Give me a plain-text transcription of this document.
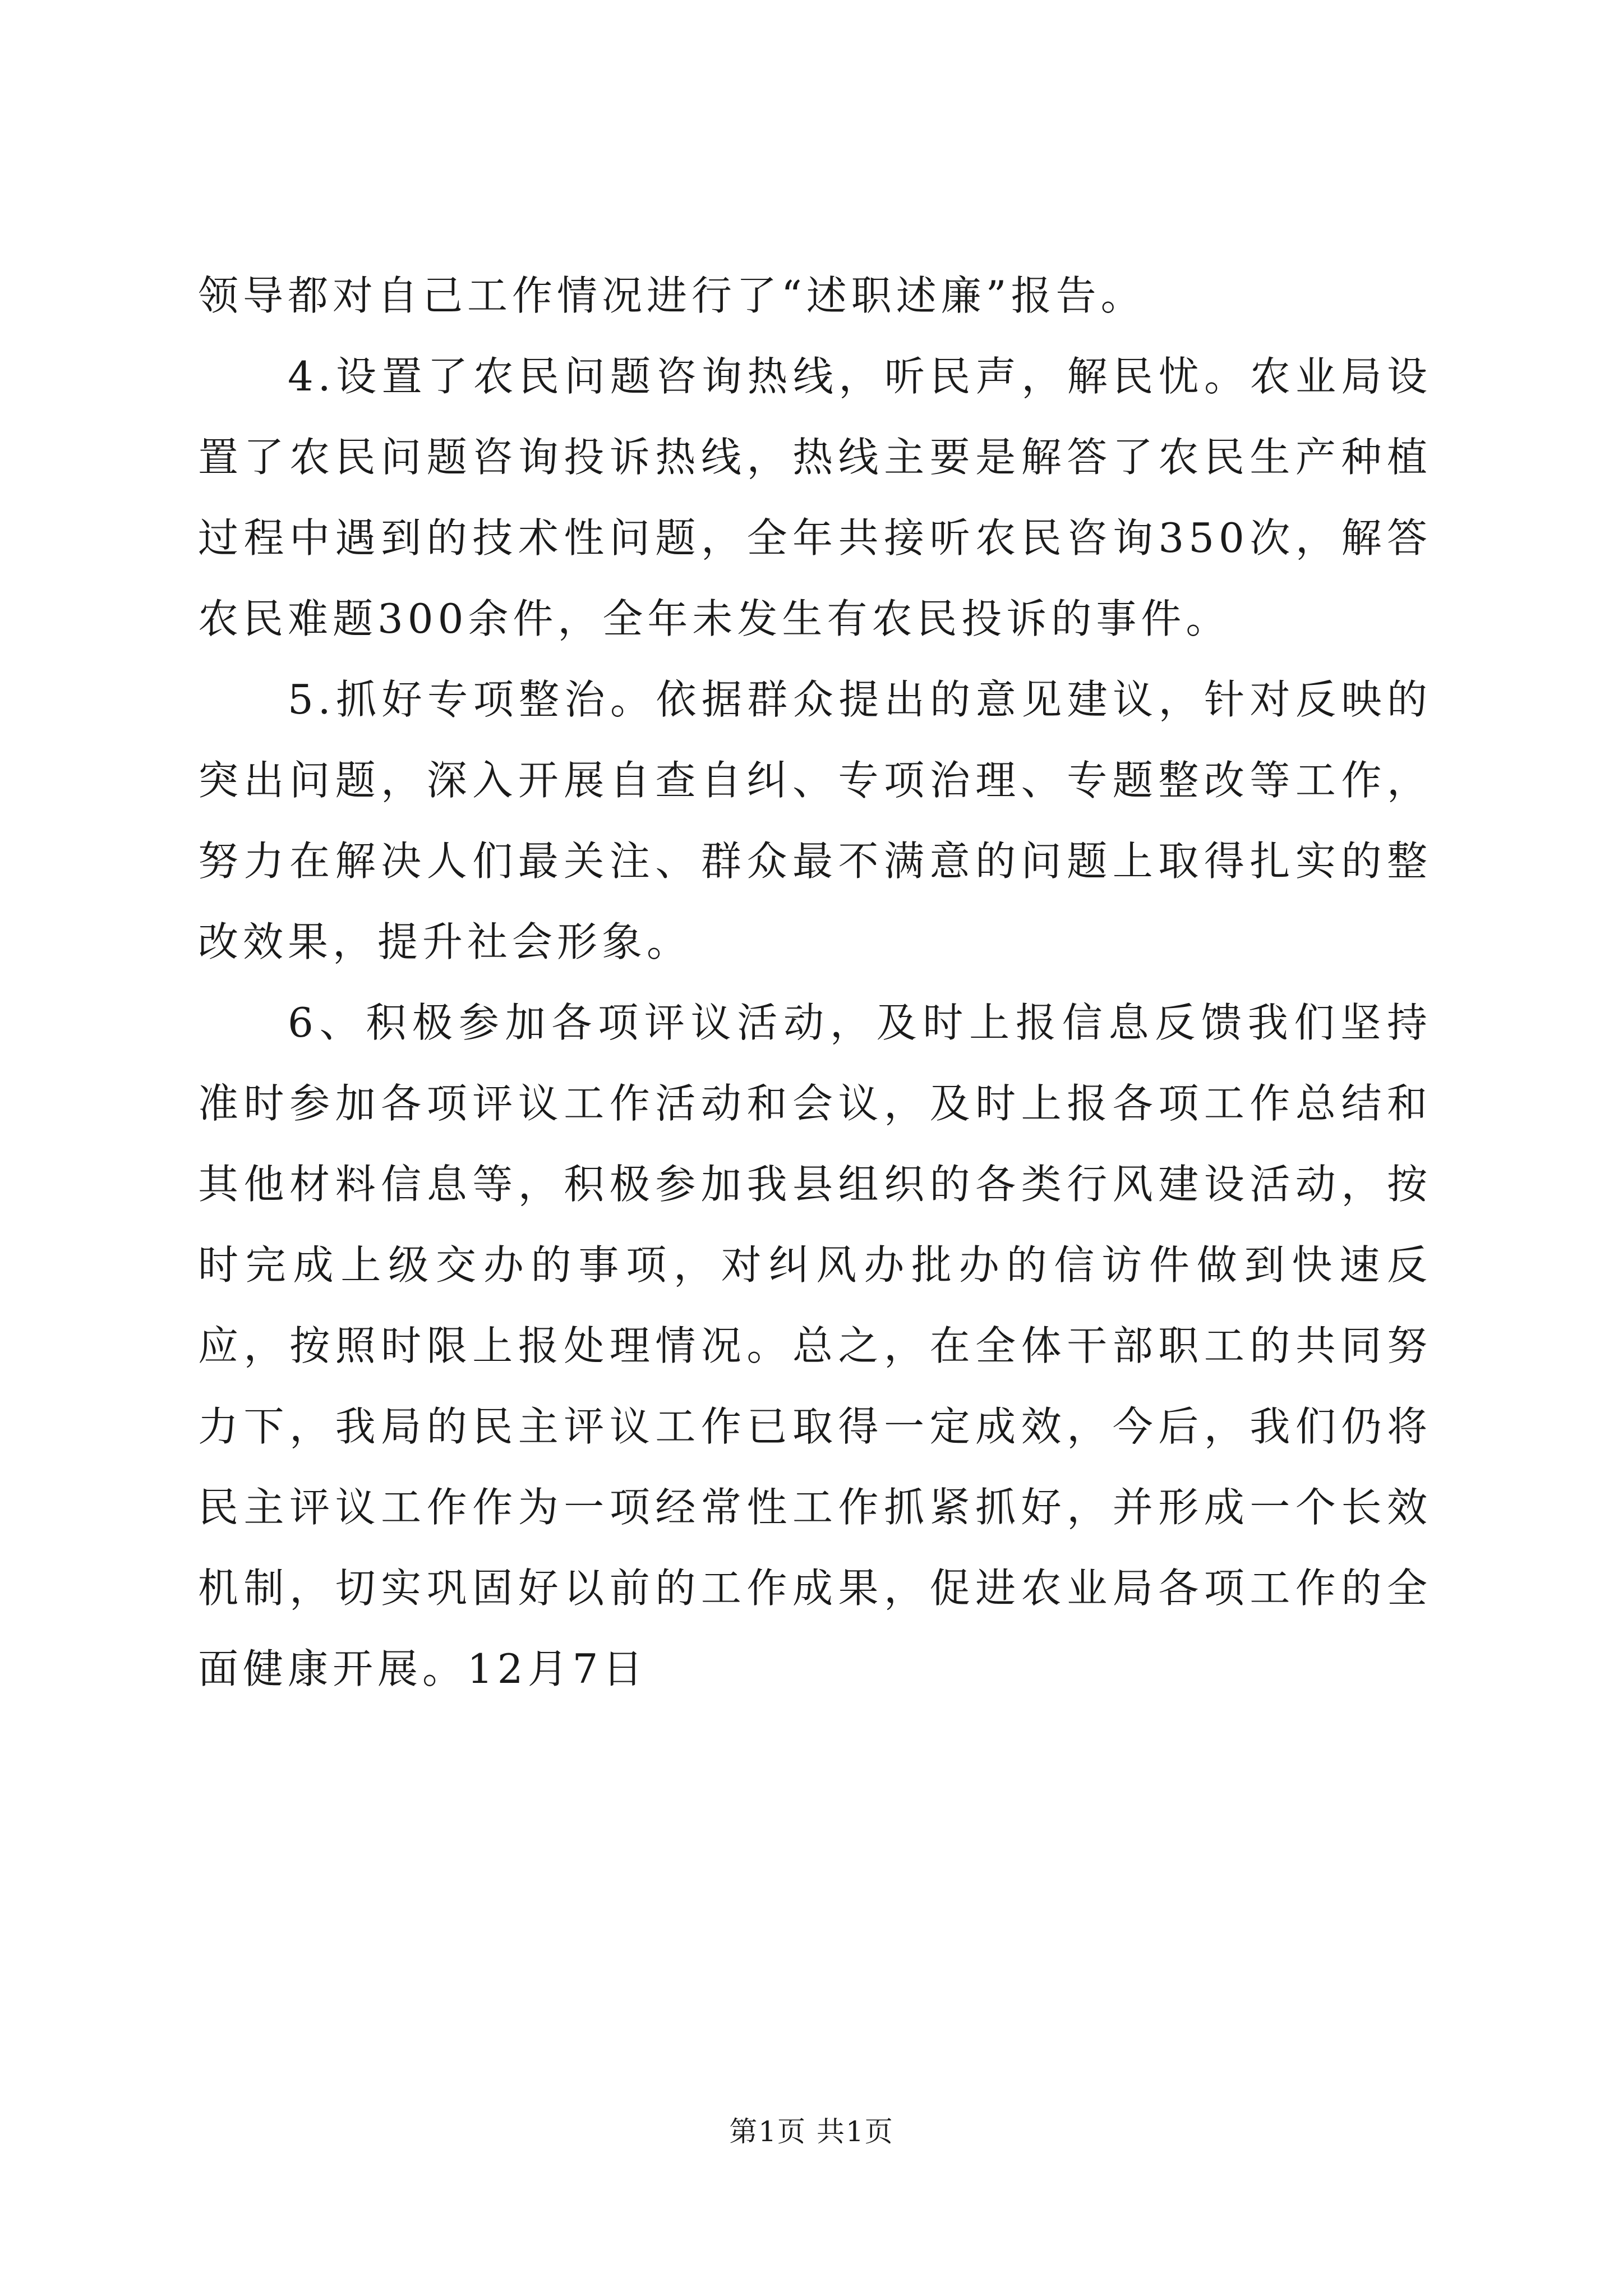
领导都对自己工作情况进行了“述职述廉”报告。

4.设置了农民问题咨询热线，听民声，解民忧。农业局设置了农民问题咨询投诉热线，热线主要是解答了农民生产种植过程中遇到的技术性问题，全年共接听农民咨询350次，解答农民难题300余件，全年未发生有农民投诉的事件。

5.抓好专项整治。依据群众提出的意见建议，针对反映的突出问题，深入开展自查自纠、专项治理、专题整改等工作，努力在解决人们最关注、群众最不满意的问题上取得扎实的整改效果，提升社会形象。

6、积极参加各项评议活动，及时上报信息反馈我们坚持准时参加各项评议工作活动和会议，及时上报各项工作总结和其他材料信息等，积极参加我县组织的各类行风建设活动，按时完成上级交办的事项，对纠风办批办的信访件做到快速反应，按照时限上报处理情况。总之，在全体干部职工的共同努力下，我局的民主评议工作已取得一定成效，今后，我们仍将民主评议工作作为一项经常性工作抓紧抓好，并形成一个长效机制，切实巩固好以前的工作成果，促进农业局各项工作的全面健康开展。12月7日

第1页 共1页
